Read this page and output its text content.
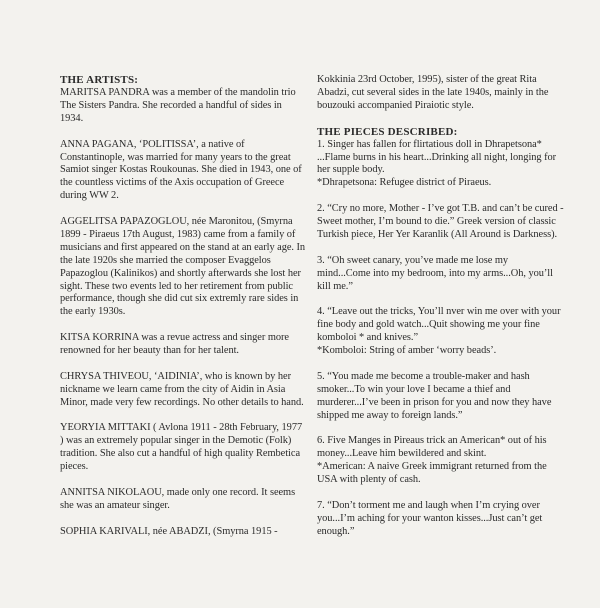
THE ARTISTS:

MARITSA PANDRA was a member of the mandolin trio The Sisters Pandra. She recorded a handful of sides in 1934.

ANNA PAGANA, ‘POLITISSA’, a native of Constantinople, was married for many years to the great Samiot singer Kostas Roukounas. She died in 1943, one of the countless victims of the Axis occupation of Greece during WW 2.

AGGELITSA PAPAZOGLOU, née Maronitou, (Smyrna 1899 - Piraeus 17th August, 1983) came from a family of musicians and first appeared on the stand at an early age. In the late 1920s she married the composer Evaggelos Papazoglou (Kalinikos) and shortly afterwards she lost her sight. These two events led to her retirement from public performance, though she did cut six extremly rare sides in the early 1930s.

KITSA KORRINA was a revue actress and singer more renowned for her beauty than for her talent.

CHRYSA THIVEOU, ‘AIDINIA’, who is known by her nickname we learn came from the city of Aidin in Asia Minor, made very few recordings. No other details to hand.

YEORYIA MITTAKI ( Avlona 1911 - 28th February, 1977 ) was an extremely popular singer in the Demotic (Folk) tradition. She also cut a handful of high quality Rembetica pieces.

ANNITSA NIKOLAOU, made only one record. It seems she was an amateur singer.

SOPHIA KARIVALI, née ABADZI, (Smyrna 1915 -

Kokkinia 23rd October, 1995), sister of the great Rita Abadzi, cut several sides in the late 1940s, mainly in the bouzouki accompanied Piraiotic style.

THE PIECES DESCRIBED:

1. Singer has fallen for flirtatious doll in Dhrapetsona* ...Flame burns in his heart...Drinking all night, longing for her supple body.
*Dhrapetsona: Refugee district of Piraeus.

2. “Cry no more, Mother - I’ve got T.B. and can’t be cured - Sweet mother, I’m bound to die.” Greek version of classic Turkish piece, Her Yer Karanlik (All Around is Darkness).

3. “Oh sweet canary, you’ve made me lose my mind...Come into my bedroom, into my arms...Oh, you’ll kill me.”

4. “Leave out the tricks, You’ll nver win me over with your fine body and gold watch...Quit showing me your fine komboloi * and knives.”
*Komboloi: String of amber ‘worry beads’.

5. “You made me become a trouble-maker and hash smoker...To win your love I became a thief and murderer...I’ve been in prison for you and now they have shipped me away to foreign lands.”

6. Five Manges in Pireaus trick an American* out of his money...Leave him bewildered and skint.
*American: A naive Greek immigrant returned from the USA with plenty of cash.

7. “Don’t torment me and laugh when I’m crying over you...I’m aching for your wanton kisses...Just can’t get enough.”
